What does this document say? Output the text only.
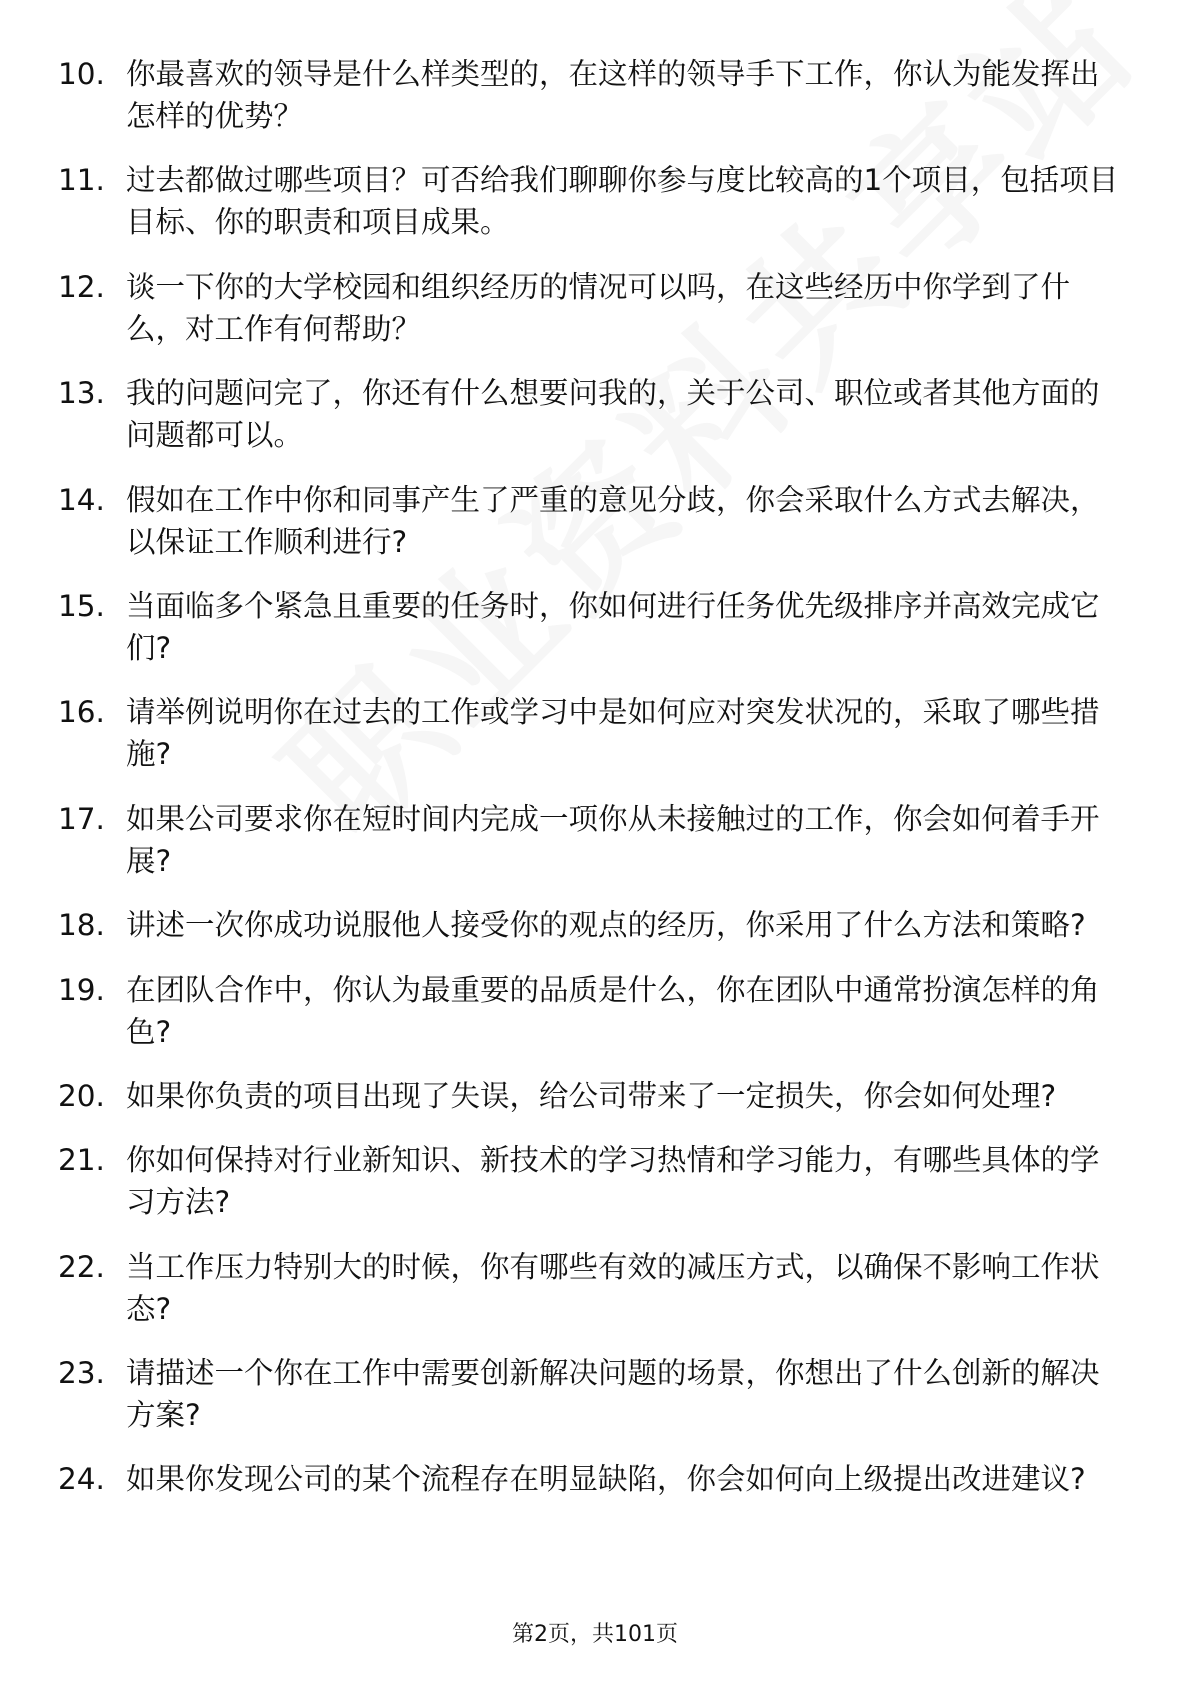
10. 你最喜欢的领导是什么样类型的，在这样的领导手下工作，你认为能发挥出怎样的优势？
11. 过去都做过哪些项目？可否给我们聊聊你参与度比较高的1个项目，包括项目目标、你的职责和项目成果。
12. 谈一下你的大学校园和组织经历的情况可以吗，在这些经历中你学到了什么，对工作有何帮助？
13. 我的问题问完了，你还有什么想要问我的，关于公司、职位或者其他方面的问题都可以。
14. 假如在工作中你和同事产生了严重的意见分歧，你会采取什么方式去解决，以保证工作顺利进行?
15. 当面临多个紧急且重要的任务时，你如何进行任务优先级排序并高效完成它们?
16. 请举例说明你在过去的工作或学习中是如何应对突发状况的，采取了哪些措施?
17. 如果公司要求你在短时间内完成一项你从未接触过的工作，你会如何着手开展?
18. 讲述一次你成功说服他人接受你的观点的经历，你采用了什么方法和策略?
19. 在团队合作中，你认为最重要的品质是什么，你在团队中通常扮演怎样的角色?
20. 如果你负责的项目出现了失误，给公司带来了一定损失，你会如何处理?
21. 你如何保持对行业新知识、新技术的学习热情和学习能力，有哪些具体的学习方法?
22. 当工作压力特别大的时候，你有哪些有效的减压方式，以确保不影响工作状态?
23. 请描述一个你在工作中需要创新解决问题的场景，你想出了什么创新的解决方案?
24. 如果你发现公司的某个流程存在明显缺陷，你会如何向上级提出改进建议?
第2页，共101页
